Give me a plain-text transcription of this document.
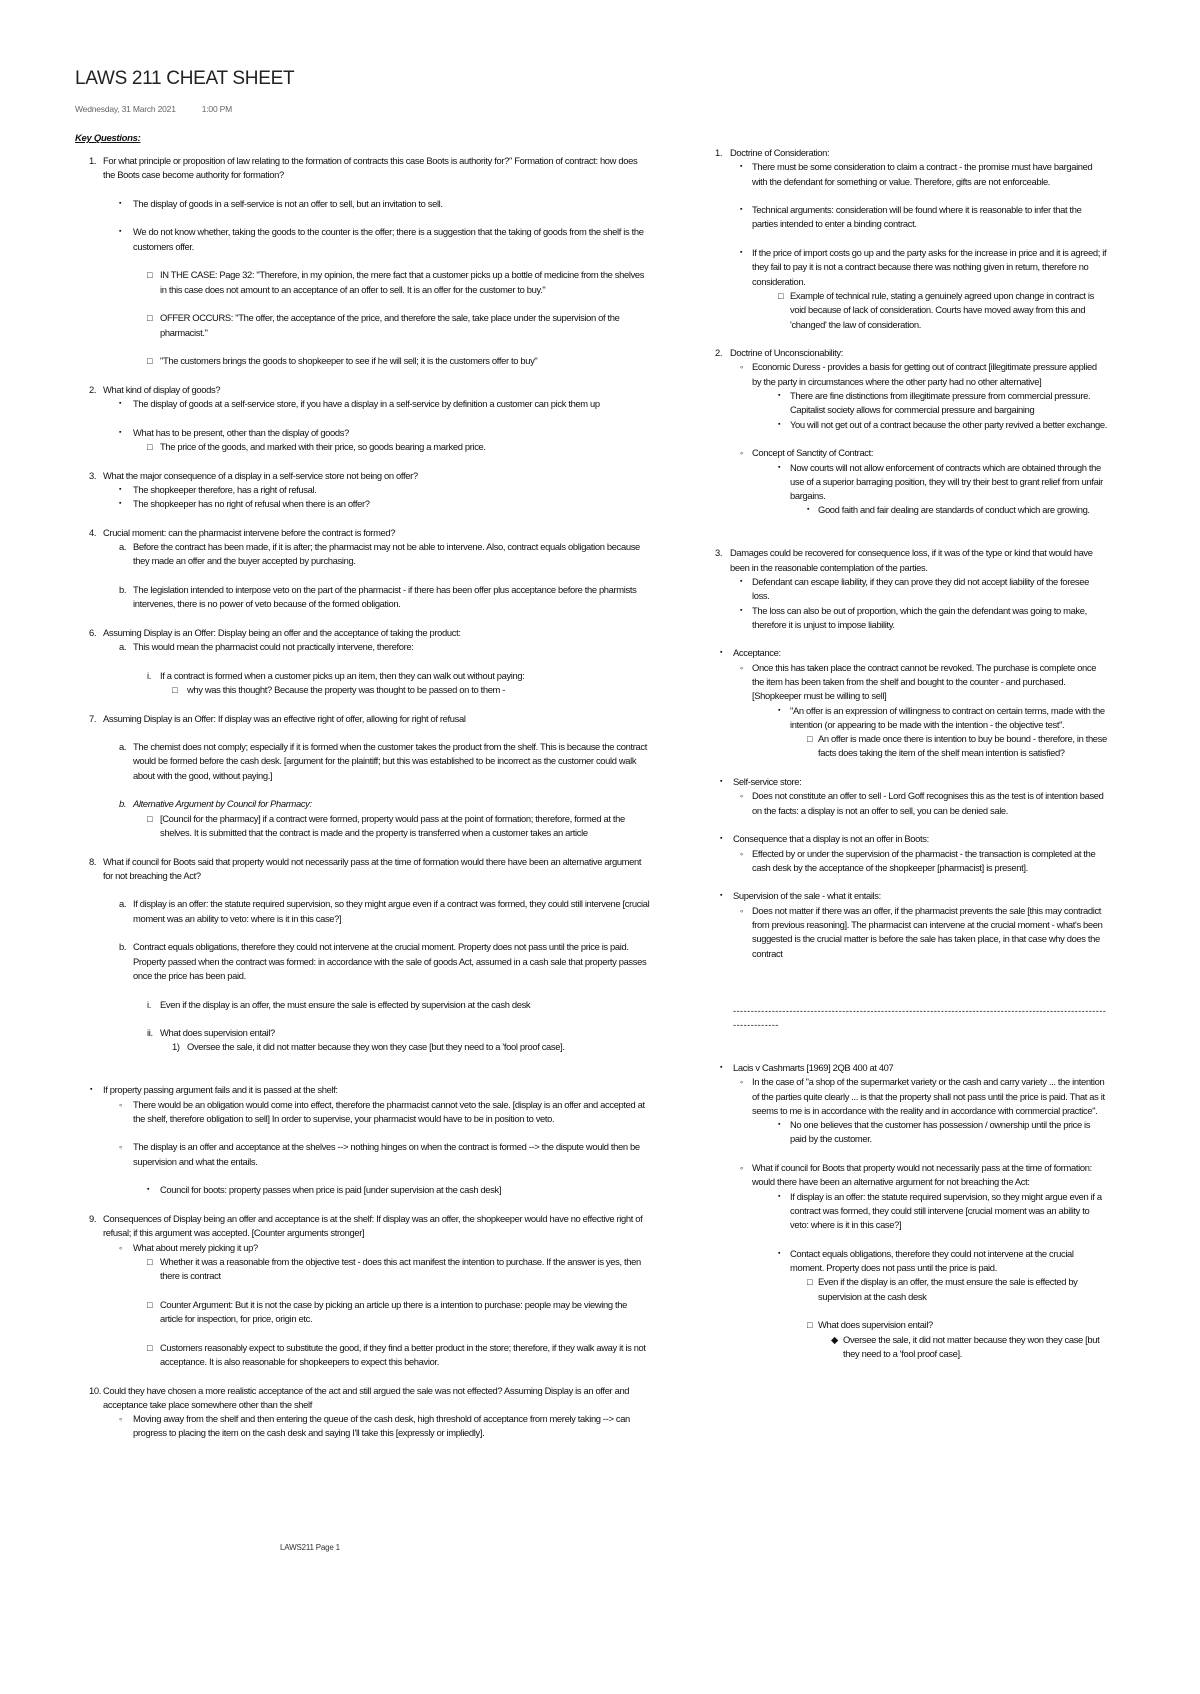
LAWS 211 CHEAT SHEET
Wednesday, 31 March 2021	1:00 PM
Key Questions:
1. For what principle or proposition of law relating to the formation of contracts this case Boots is authority for?" Formation of contract: how does the Boots case become authority for formation?
▪ The display of goods in a self-service is not an offer to sell, but an invitation to sell.
▪ We do not know whether, taking the goods to the counter is the offer; there is a suggestion that the taking of goods from the shelf is the customers offer.
□ IN THE CASE: Page 32: "Therefore, in my opinion, the mere fact that a customer picks up a bottle of medicine from the shelves in this case does not amount to an acceptance of an offer to sell. It is an offer for the customer to buy."
□ OFFER OCCURS: "The offer, the acceptance of the price, and therefore the sale, take place under the supervision of the pharmacist."
□ "The customers brings the goods to shopkeeper to see if he will sell; it is the customers offer to buy"
2. What kind of display of goods?
▪ The display of goods at a self-service store, if you have a display in a self-service by definition a customer can pick them up
▪ What has to be present, other than the display of goods?
□ The price of the goods, and marked with their price, so goods bearing a marked price.
3. What the major consequence of a display in a self-service store not being on offer?
▪ The shopkeeper therefore, has a right of refusal.
▪ The shopkeeper has no right of refusal when there is an offer?
4. Crucial moment: can the pharmacist intervene before the contract is formed?
a. Before the contract has been made, if it is after; the pharmacist may not be able to intervene. Also, contract equals obligation because they made an offer and the buyer accepted by purchasing.
b. The legislation intended to interpose veto on the part of the pharmacist - if there has been offer plus acceptance before the pharmists intervenes, there is no power of veto because of the formed obligation.
6. Assuming Display is an Offer: Display being an offer and the acceptance of taking the product:
a. This would mean the pharmacist could not practically intervene, therefore:
i. If a contract is formed when a customer picks up an item, then they can walk out without paying:
□ why was this thought? Because the property was thought to be passed on to them -
7. Assuming Display is an Offer: If display was an effective right of offer, allowing for right of refusal
a. The chemist does not comply; especially if it is formed when the customer takes the product from the shelf. This is because the contract would be formed before the cash desk. [argument for the plaintiff; but this was established to be incorrect as the customer could walk about with the good, without paying.]
b. Alternative Argument by Council for Pharmacy:
□ [Council for the pharmacy] if a contract were formed, property would pass at the point of formation; therefore, formed at the shelves. It is submitted that the contract is made and the property is transferred when a customer takes an article
8. What if council for Boots said that property would not necessarily pass at the time of formation would there have been an alternative argument for not breaching the Act?
a. If display is an offer: the statute required supervision, so they might argue even if a contract was formed, they could still intervene [crucial moment was an ability to veto: where is it in this case?]
b. Contract equals obligations, therefore they could not intervene at the crucial moment. Property does not pass until the price is paid. Property passed when the contract was formed: in accordance with the sale of goods Act, assumed in a cash sale that property passes once the price has been paid.
i. Even if the display is an offer, the must ensure the sale is effected by supervision at the cash desk
ii. What does supervision entail?
1) Oversee the sale, it did not matter because they won they case [but they need to a 'fool proof case].
▪ If property passing argument fails and it is passed at the shelf:
◦ There would be an obligation would come into effect, therefore the pharmacist cannot veto the sale. [display is an offer and accepted at the shelf, therefore obligation to sell] In order to supervise, your pharmacist would have to be in position to veto.
◦ The display is an offer and acceptance at the shelves --> nothing hinges on when the contract is formed --> the dispute would then be supervision and what the entails.
▪ Council for boots: property passes when price is paid [under supervision at the cash desk]
9. Consequences of Display being an offer and acceptance is at the shelf: If display was an offer, the shopkeeper would have no effective right of refusal; if this argument was accepted. [Counter arguments stronger]
◦ What about merely picking it up?
□ Whether it was a reasonable from the objective test - does this act manifest the intention to purchase. If the answer is yes, then there is contract
□ Counter Argument: But it is not the case by picking an article up there is a intention to purchase: people may be viewing the article for inspection, for price, origin etc.
□ Customers reasonably expect to substitute the good, if they find a better product in the store; therefore, if they walk away it is not acceptance. It is also reasonable for shopkeepers to expect this behavior.
10. Could they have chosen a more realistic acceptance of the act and still argued the sale was not effected? Assuming Display is an offer and acceptance take place somewhere other than the shelf
◦ Moving away from the shelf and then entering the queue of the cash desk, high threshold of acceptance from merely taking --> can progress to placing the item on the cash desk and saying I'll take this [expressly or impliedly].
1. Doctrine of Consideration:
▪ There must be some consideration to claim a contract - the promise must have bargained with the defendant for something or value. Therefore, gifts are not enforceable.
▪ Technical arguments: consideration will be found where it is reasonable to infer that the parties intended to enter a binding contract.
▪ If the price of import costs go up and the party asks for the increase in price and it is agreed; if they fail to pay it is not a contract because there was nothing given in return, therefore no consideration.
□ Example of technical rule, stating a genuinely agreed upon change in contract is void because of lack of consideration. Courts have moved away from this and 'changed' the law of consideration.
2. Doctrine of Unconscionability:
◦ Economic Duress - provides a basis for getting out of contract [illegitimate pressure applied by the party in circumstances where the other party had no other alternative]
▪ There are fine distinctions from illegitimate pressure from commercial pressure. Capitalist society allows for commercial pressure and bargaining
▪ You will not get out of a contract because the other party revived a better exchange.
◦ Concept of Sanctity of Contract:
▪ Now courts will not allow enforcement of contracts which are obtained through the use of a superior barraging position, they will try their best to grant relief from unfair bargains.
▪ Good faith and fair dealing are standards of conduct which are growing.
3. Damages could be recovered for consequence loss, if it was of the type or kind that would have been in the reasonable contemplation of the parties.
▪ Defendant can escape liability, if they can prove they did not accept liability of the foresee loss.
▪ The loss can also be out of proportion, which the gain the defendant was going to make, therefore it is unjust to impose liability.
▪ Acceptance:
◦ Once this has taken place the contract cannot be revoked. The purchase is complete once the item has been taken from the shelf and bought to the counter - and purchased. [Shopkeeper must be willing to sell]
▪ "An offer is an expression of willingness to contract on certain terms, made with the intention (or appearing to be made with the intention - the objective test".
□ An offer is made once there is intention to buy be bound - therefore, in these facts does taking the item of the shelf mean intention is satisfied?
▪ Self-service store:
◦ Does not constitute an offer to sell - Lord Goff recognises this as the test is of intention based on the facts: a display is not an offer to sell, you can be denied sale.
▪ Consequence that a display is not an offer in Boots:
◦ Effected by or under the supervision of the pharmacist - the transaction is completed at the cash desk by the acceptance of the shopkeeper [pharmacist] is present].
▪ Supervision of the sale - what it entails:
◦ Does not matter if there was an offer, if the pharmacist prevents the sale [this may contradict from previous reasoning]. The pharmacist can intervene at the crucial moment - what's been suggested is the crucial matter is before the sale has taken place, in that case why does the contract
-----------------------------------------------------------------------------------------------------------------------
▪ Lacis v Cashmarts [1969] 2QB 400 at 407
◦ In the case of "a shop of the supermarket variety or the cash and carry variety ... the intention of the parties quite clearly ... is that the property shall not pass until the price is paid. That as it seems to me is in accordance with the reality and in accordance with commercial practice".
▪ No one believes that the customer has possession / ownership until the price is paid by the customer.
◦ What if council for Boots that property would not necessarily pass at the time of formation: would there have been an alternative argument for not breaching the Act:
▪ If display is an offer: the statute required supervision, so they might argue even if a contract was formed, they could still intervene [crucial moment was an ability to veto: where is it in this case?]
▪ Contact equals obligations, therefore they could not intervene at the crucial moment. Property does not pass until the price is paid.
□ Even if the display is an offer, the must ensure the sale is effected by supervision at the cash desk
□ What does supervision entail?
◆ Oversee the sale, it did not matter because they won they case [but they need to a 'fool proof case].
LAWS211 Page 1
